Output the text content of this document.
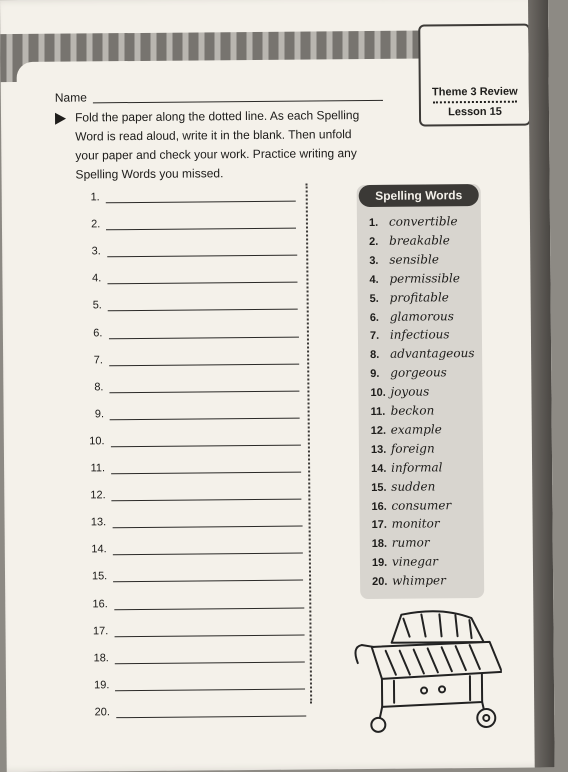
Theme 3 Review
Lesson 15
Name
Fold the paper along the dotted line. As each Spelling Word is read aloud, write it in the blank. Then unfold your paper and check your work. Practice writing any Spelling Words you missed.
1.
2.
3.
4.
5.
6.
7.
8.
9.
10.
11.
12.
13.
14.
15.
16.
17.
18.
19.
20.
Spelling Words
1. convertible
2. breakable
3. sensible
4. permissible
5. profitable
6. glamorous
7. infectious
8. advantageous
9. gorgeous
10. joyous
11. beckon
12. example
13. foreign
14. informal
15. sudden
16. consumer
17. monitor
18. rumor
19. vinegar
20. whimper
